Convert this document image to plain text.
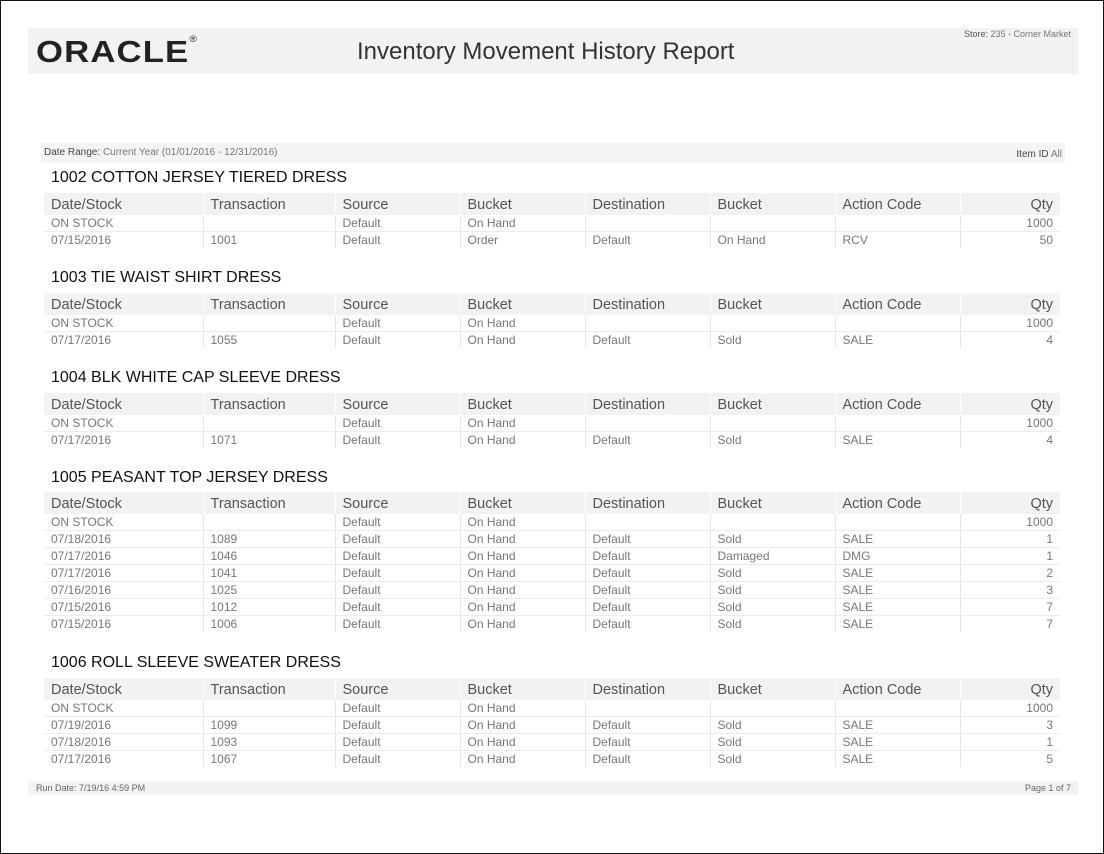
ORACLE®	Inventory Movement History Report
Store: 235 - Corner Market
Date Range: Current Year (01/01/2016 - 12/31/2016)	Item ID All
1002 COTTON JERSEY TIERED DRESS
Date/Stock	Transaction	Source	Bucket	Destination	Bucket	Action Code	Qty
ON STOCK		Default	On Hand				1000
07/15/2016	1001	Default	Order	Default	On Hand	RCV	50
1003 TIE WAIST SHIRT DRESS
Date/Stock	Transaction	Source	Bucket	Destination	Bucket	Action Code	Qty
ON STOCK		Default	On Hand				1000
07/17/2016	1055	Default	On Hand	Default	Sold	SALE	4
1004 BLK WHITE CAP SLEEVE DRESS
Date/Stock	Transaction	Source	Bucket	Destination	Bucket	Action Code	Qty
ON STOCK		Default	On Hand				1000
07/17/2016	1071	Default	On Hand	Default	Sold	SALE	4
1005 PEASANT TOP JERSEY DRESS
Date/Stock	Transaction	Source	Bucket	Destination	Bucket	Action Code	Qty
ON STOCK		Default	On Hand				1000
07/18/2016	1089	Default	On Hand	Default	Sold	SALE	1
07/17/2016	1046	Default	On Hand	Default	Damaged	DMG	1
07/17/2016	1041	Default	On Hand	Default	Sold	SALE	2
07/16/2016	1025	Default	On Hand	Default	Sold	SALE	3
07/15/2016	1012	Default	On Hand	Default	Sold	SALE	7
07/15/2016	1006	Default	On Hand	Default	Sold	SALE	7
1006 ROLL SLEEVE SWEATER DRESS
Date/Stock	Transaction	Source	Bucket	Destination	Bucket	Action Code	Qty
ON STOCK		Default	On Hand				1000
07/19/2016	1099	Default	On Hand	Default	Sold	SALE	3
07/18/2016	1093	Default	On Hand	Default	Sold	SALE	1
07/17/2016	1067	Default	On Hand	Default	Sold	SALE	5
Run Date: 7/19/16 4:59 PM	Page 1 of 7
